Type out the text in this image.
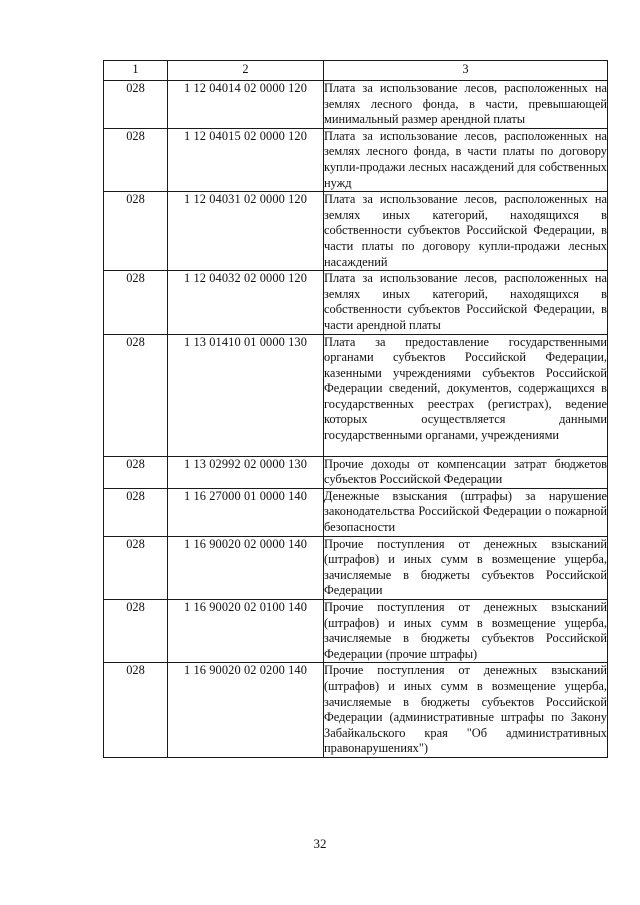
1	2	3
028	1 12 04014 02 0000 120	Плата за использование лесов, расположенных на землях лесного фонда, в части, превышающей минимальный размер арендной платы

028	1 12 04015 02 0000 120	Плата за использование лесов, расположенных на землях лесного фонда, в части платы по договору купли-продажи лесных насаждений для собственных нужд

028	1 12 04031 02 0000 120	Плата за использование лесов, расположенных на землях иных категорий, находящихся в собственности субъектов Российской Федерации, в части платы по договору купли-продажи лесных насаждений

028	1 12 04032 02 0000 120	Плата за использование лесов, расположенных на землях иных категорий, находящихся в собственности субъектов Российской Федерации, в части арендной платы

028	1 13 01410 01 0000 130	Плата за предоставление государственными органами субъектов Российской Федерации, казенными учреждениями субъектов Российской Федерации сведений, документов, содержащихся в государственных реестрах (регистрах), ведение которых осуществляется данными государственными органами, учреждениями

028	1 13 02992 02 0000 130	Прочие доходы от компенсации затрат бюджетов субъектов Российской Федерации

028	1 16 27000 01 0000 140	Денежные взыскания (штрафы) за нарушение законодательства Российской Федерации о пожарной безопасности

028	1 16 90020 02 0000 140	Прочие поступления от денежных взысканий (штрафов) и иных сумм в возмещение ущерба, зачисляемые в бюджеты субъектов Российской Федерации

028	1 16 90020 02 0100 140	Прочие поступления от денежных взысканий (штрафов) и иных сумм в возмещение ущерба, зачисляемые в бюджеты субъектов Российской Федерации (прочие штрафы)

028	1 16 90020 02 0200 140	Прочие поступления от денежных взысканий (штрафов) и иных сумм в возмещение ущерба, зачисляемые в бюджеты субъектов Российской Федерации (административные штрафы по Закону Забайкальского края "Об административных правонарушениях")
32
